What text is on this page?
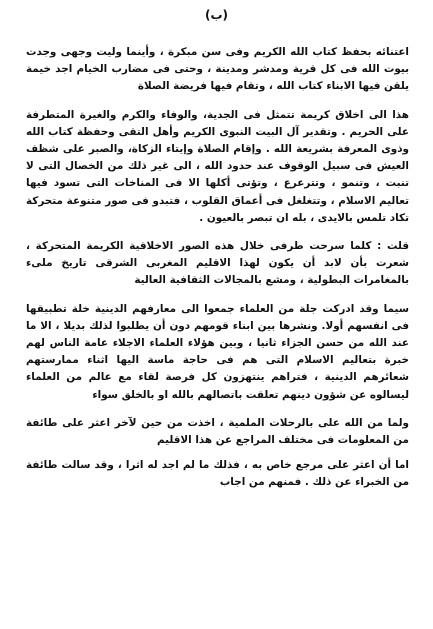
(ب)

اعتنائه بحفظ كتاب الله الكريم وفى سن مبكرة ، وأينما وليت وجهى وجدت بيوت الله فى كل قرية ومدشر ومدينة ، وحتى فى مضارب الخيام اجد خيمة يلقن فيها الابناء كتاب الله ، وتقام فيها فريضة الصلاة

هذا الى اخلاق كريمة تتمثل فى الجدية، والوفاء والكرم والغيرة المتطرفة على الحريم . وتقدير آل البيت النبوى الكريم وأهل التقى وحفظة كتاب الله وذوى المعرفة بشريعة الله . وإقام الصلاة وإيتاء الزكاة، والصبر على شظف العيش فى سبيل الوقوف عند حدود الله ، الى غير ذلك من الخصال التى لا تنبت ، وتنمو ، وتترعرع ، وتؤتى أكلها الا فى المناخات التى تسود فيها تعاليم الاسلام ، وتتغلغل فى أعماق القلوب ، فتبدو فى صور متنوعة متحركة تكاد تلمس بالايدى ، بله ان تبصر بالعيون .

قلت : كلما سرحت طرفى خلال هذه الصور الاخلاقية الكريمة المتحركة ، شعرت بأن لابد أن يكون لهذا الاقليم المغربى الشرقى تاريخ ملىء بالمغامرات البطولية ، ومشع بالمجالات الثقافية العالية

سيما وقد ادركت جلة من العلماء جمعوا الى معارفهم الدينية خلة تطبيقها فى انفسهم أولا. ونشرها بين ابناء قومهم دون أن يطلبوا لذلك بديلا ، الا ما عند الله من حسن الجزاء ثانيا ، وبين هؤلاء العلماء الاجلاء عامة الناس لهم خبرة بتعاليم الاسلام التى هم فى حاجة ماسة اليها اثناء ممارستهم شعائرهم الدينية ، فتراهم ينتهزون كل فرصة لقاء مع عالم من العلماء ليسالوه عن شؤون دينهم تعلقت باتصالهم بالله او بالخلق سواء

ولما من الله على بالرحلات الملمية ، اخذت من حين لآخر اعثر على طائفة من المعلومات فى مختلف المراجع عن هذا الاقليم

اما أن اعثر على مرجع خاص به ، فذلك ما لم اجد له اثرا ، وقد سالت طائفة من الخبراء عن ذلك . فمنهم من اجاب
